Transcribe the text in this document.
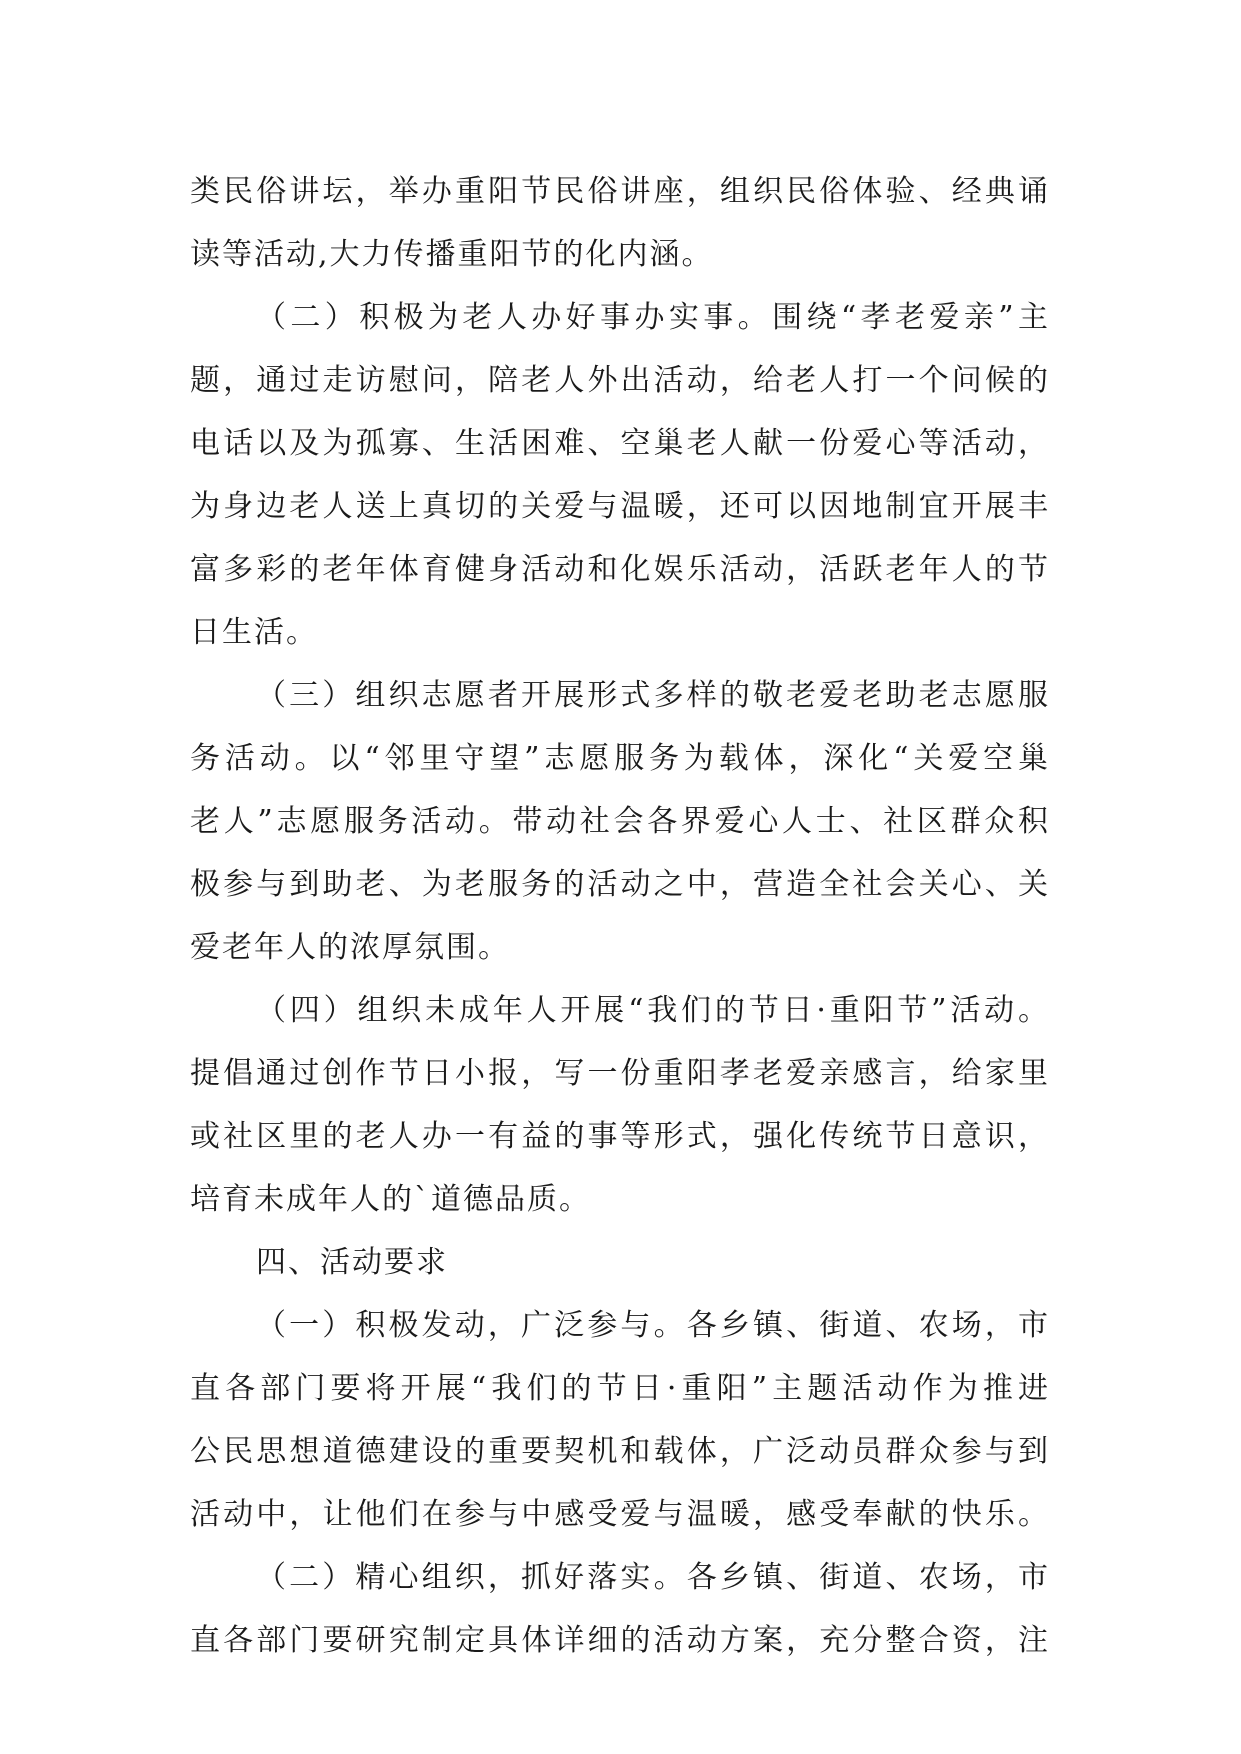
类民俗讲坛，举办重阳节民俗讲座，组织民俗体验、经典诵
读等活动,大力传播重阳节的化内涵。
（二）积极为老人办好事办实事。围绕“孝老爱亲”主
题，通过走访慰问，陪老人外出活动，给老人打一个问候的
电话以及为孤寡、生活困难、空巢老人献一份爱心等活动，
为身边老人送上真切的关爱与温暖，还可以因地制宜开展丰
富多彩的老年体育健身活动和化娱乐活动，活跃老年人的节
日生活。
（三）组织志愿者开展形式多样的敬老爱老助老志愿服
务活动。以“邻里守望”志愿服务为载体，深化“关爱空巢
老人”志愿服务活动。带动社会各界爱心人士、社区群众积
极参与到助老、为老服务的活动之中，营造全社会关心、关
爱老年人的浓厚氛围。
（四）组织未成年人开展“我们的节日·重阳节”活动。
提倡通过创作节日小报，写一份重阳孝老爱亲感言，给家里
或社区里的老人办一有益的事等形式，强化传统节日意识，
培育未成年人的`道德品质。
四、活动要求
（一）积极发动，广泛参与。各乡镇、街道、农场，市
直各部门要将开展“我们的节日·重阳”主题活动作为推进
公民思想道德建设的重要契机和载体，广泛动员群众参与到
活动中，让他们在参与中感受爱与温暖，感受奉献的快乐。
（二）精心组织，抓好落实。各乡镇、街道、农场，市
直各部门要研究制定具体详细的活动方案，充分整合资，注
